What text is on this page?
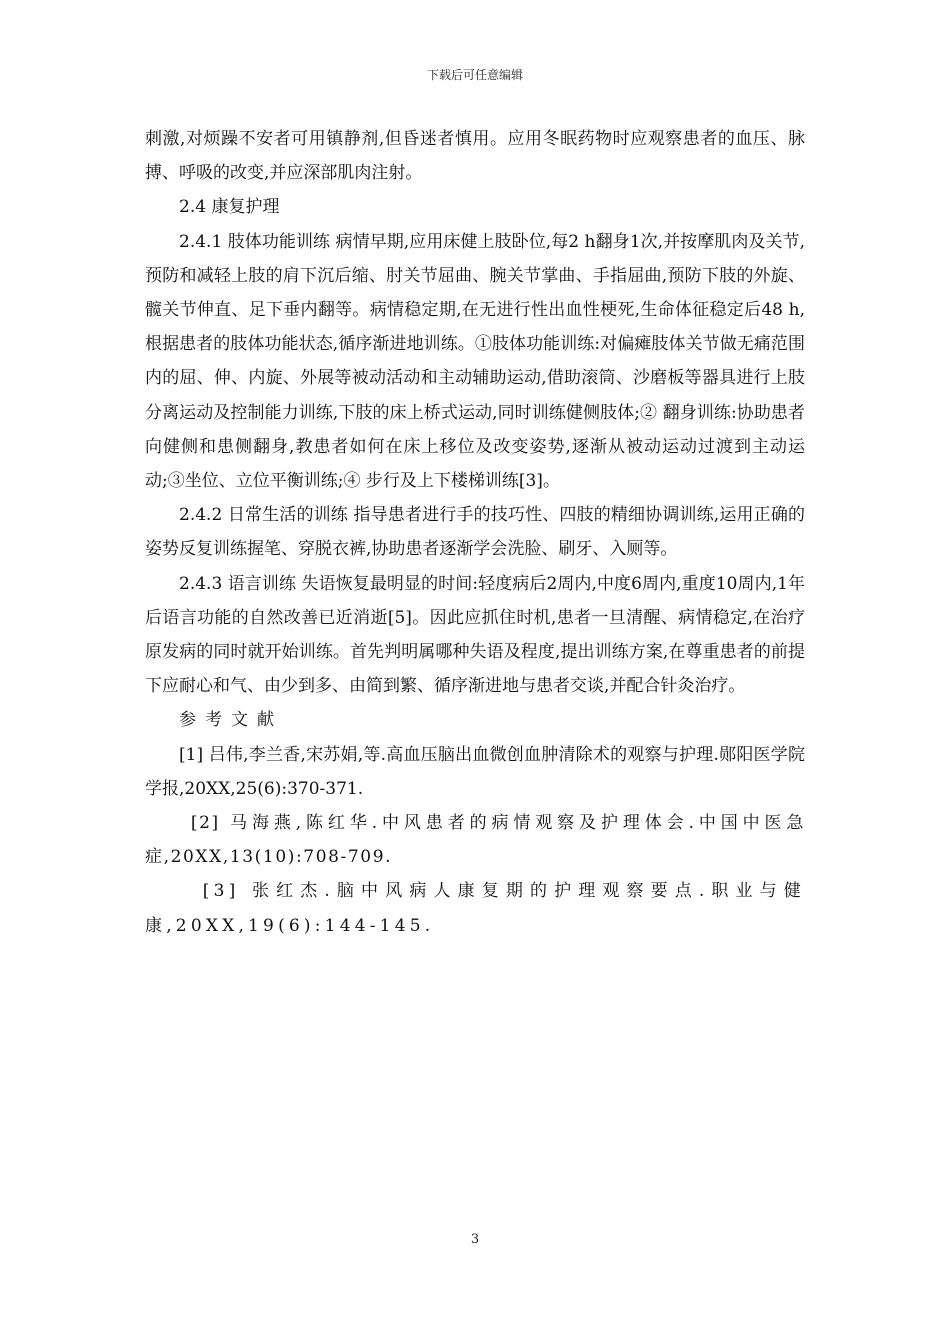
下载后可任意编辑

刺激,对烦躁不安者可用镇静剂,但昏迷者慎用。应用冬眠药物时应观察患者的血压、脉搏、呼吸的改变,并应深部肌肉注射。

2.4 康复护理

2.4.1 肢体功能训练 病情早期,应用床健上肢卧位,每2 h翻身1次,并按摩肌肉及关节,预防和减轻上肢的肩下沉后缩、肘关节屈曲、腕关节掌曲、手指屈曲,预防下肢的外旋、髋关节伸直、足下垂内翻等。病情稳定期,在无进行性出血性梗死,生命体征稳定后48 h,根据患者的肢体功能状态,循序渐进地训练。①肢体功能训练:对偏瘫肢体关节做无痛范围内的屈、伸、内旋、外展等被动活动和主动辅助运动,借助滚筒、沙磨板等器具进行上肢分离运动及控制能力训练,下肢的床上桥式运动,同时训练健侧肢体;② 翻身训练:协助患者向健侧和患侧翻身,教患者如何在床上移位及改变姿势,逐渐从被动运动过渡到主动运动;③坐位、立位平衡训练;④ 步行及上下楼梯训练[3]。

2.4.2 日常生活的训练 指导患者进行手的技巧性、四肢的精细协调训练,运用正确的姿势反复训练握笔、穿脱衣裤,协助患者逐渐学会洗脸、刷牙、入厕等。

2.4.3 语言训练 失语恢复最明显的时间:轻度病后2周内,中度6周内,重度10周内,1年后语言功能的自然改善已近消逝[5]。因此应抓住时机,患者一旦清醒、病情稳定,在治疗原发病的同时就开始训练。首先判明属哪种失语及程度,提出训练方案,在尊重患者的前提下应耐心和气、由少到多、由简到繁、循序渐进地与患者交谈,并配合针灸治疗。

参考文献

[1] 吕伟,李兰香,宋苏娟,等.高血压脑出血微创血肿清除术的观察与护理.郧阳医学院学报,20XX,25(6):370-371.

[2] 马海燕,陈红华.中风患者的病情观察及护理体会.中国中医急症,20XX,13(10):708-709.

[3] 张红杰.脑中风病人康复期的护理观察要点.职业与健康,20XX,19(6):144-145.

3
